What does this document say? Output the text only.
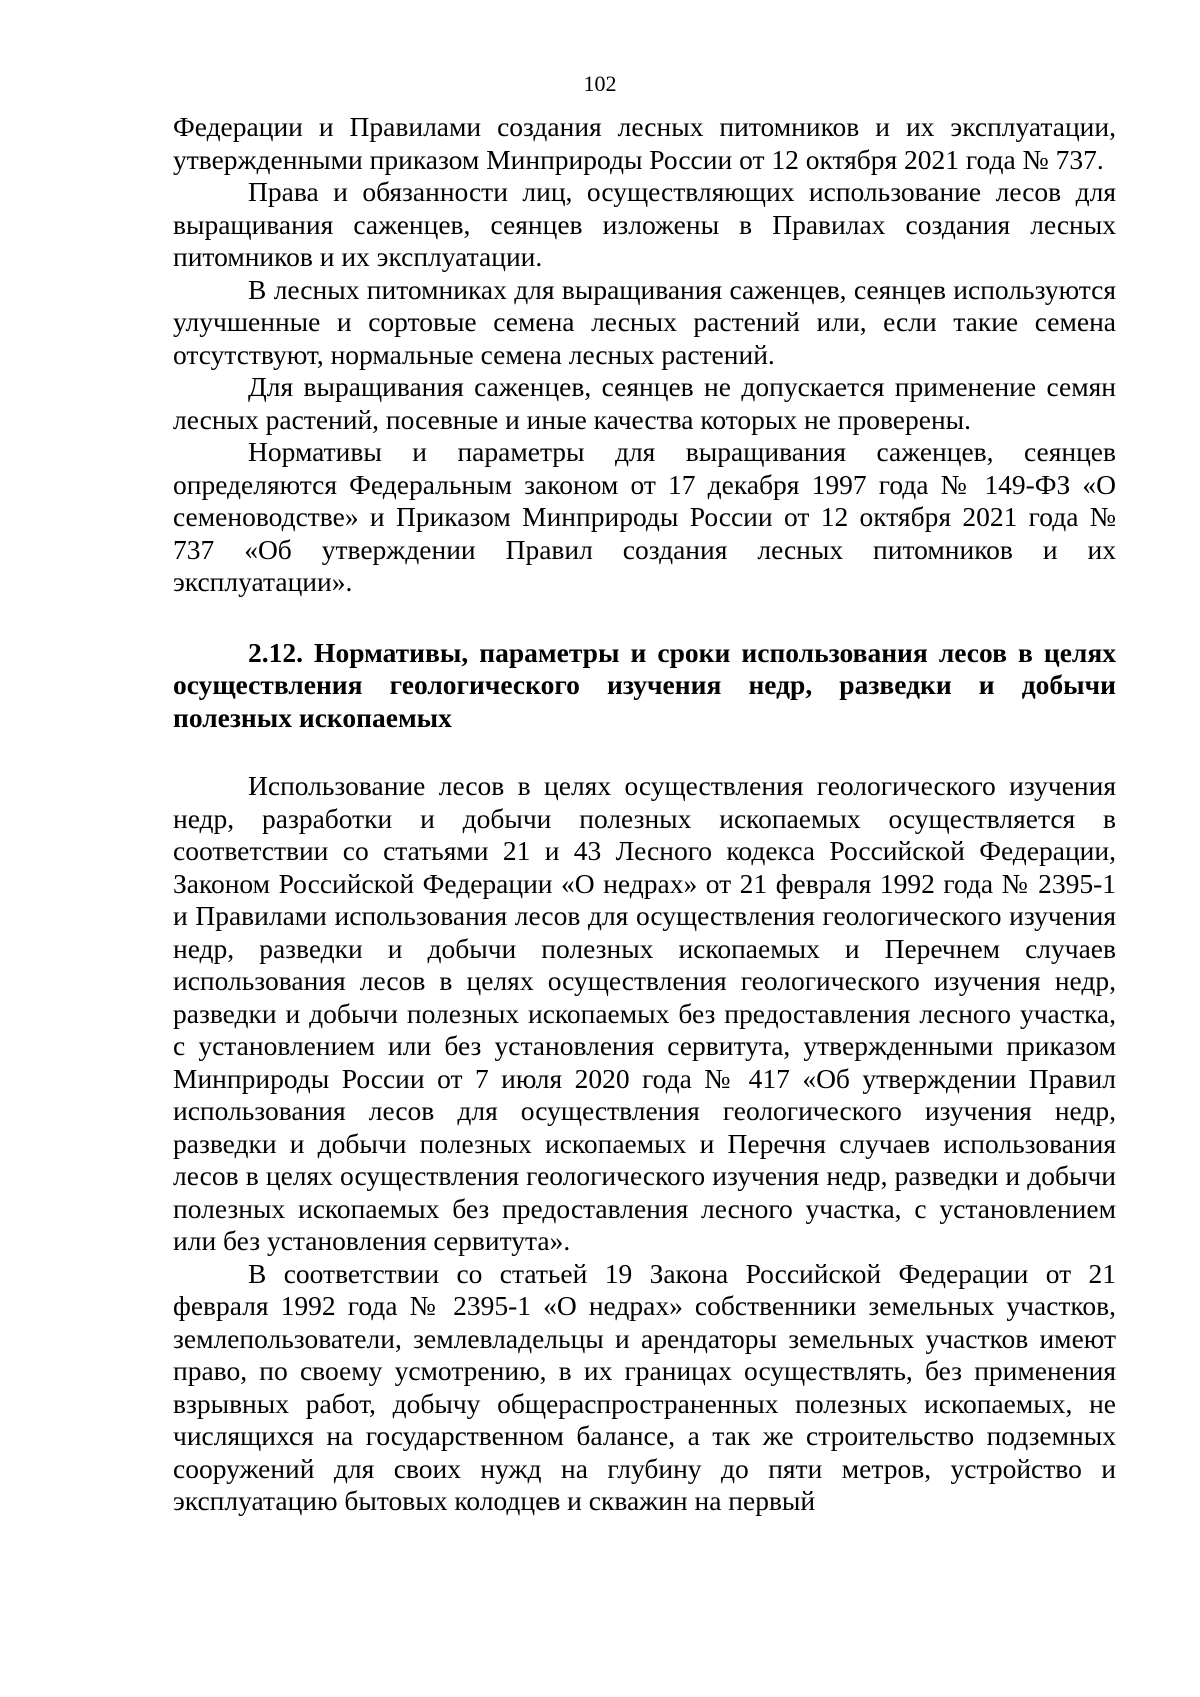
102

Федерации и Правилами создания лесных питомников и их эксплуатации, утвержденными приказом Минприроды России от 12 октября 2021 года № 737.

Права и обязанности лиц, осуществляющих использование лесов для выращивания саженцев, сеянцев изложены в Правилах создания лесных питомников и их эксплуатации.

В лесных питомниках для выращивания саженцев, сеянцев используются улучшенные и сортовые семена лесных растений или, если такие семена отсутствуют, нормальные семена лесных растений.

Для выращивания саженцев, сеянцев не допускается применение семян лесных растений, посевные и иные качества которых не проверены.

Нормативы и параметры для выращивания саженцев, сеянцев определяются Федеральным законом от 17 декабря 1997 года № 149-ФЗ «О семеноводстве» и Приказом Минприроды России от 12 октября 2021 года № 737 «Об утверждении Правил создания лесных питомников и их эксплуатации».

2.12. Нормативы, параметры и сроки использования лесов в целях осуществления геологического изучения недр, разведки и добычи полезных ископаемых

Использование лесов в целях осуществления геологического изучения недр, разработки и добычи полезных ископаемых осуществляется в соответствии со статьями 21 и 43 Лесного кодекса Российской Федерации, Законом Российской Федерации «О недрах» от 21 февраля 1992 года № 2395-1 и Правилами использования лесов для осуществления геологического изучения недр, разведки и добычи полезных ископаемых и Перечнем случаев использования лесов в целях осуществления геологического изучения недр, разведки и добычи полезных ископаемых без предоставления лесного участка, с установлением или без установления сервитута, утвержденными приказом Минприроды России от 7 июля 2020 года № 417 «Об утверждении Правил использования лесов для осуществления геологического изучения недр, разведки и добычи полезных ископаемых и Перечня случаев использования лесов в целях осуществления геологического изучения недр, разведки и добычи полезных ископаемых без предоставления лесного участка, с установлением или без установления сервитута».

В соответствии со статьей 19 Закона Российской Федерации от 21 февраля 1992 года № 2395-1 «О недрах» собственники земельных участков, землепользователи, землевладельцы и арендаторы земельных участков имеют право, по своему усмотрению, в их границах осуществлять, без применения взрывных работ, добычу общераспространенных полезных ископаемых, не числящихся на государственном балансе, а так же строительство подземных сооружений для своих нужд на глубину до пяти метров, устройство и эксплуатацию бытовых колодцев и скважин на первый
